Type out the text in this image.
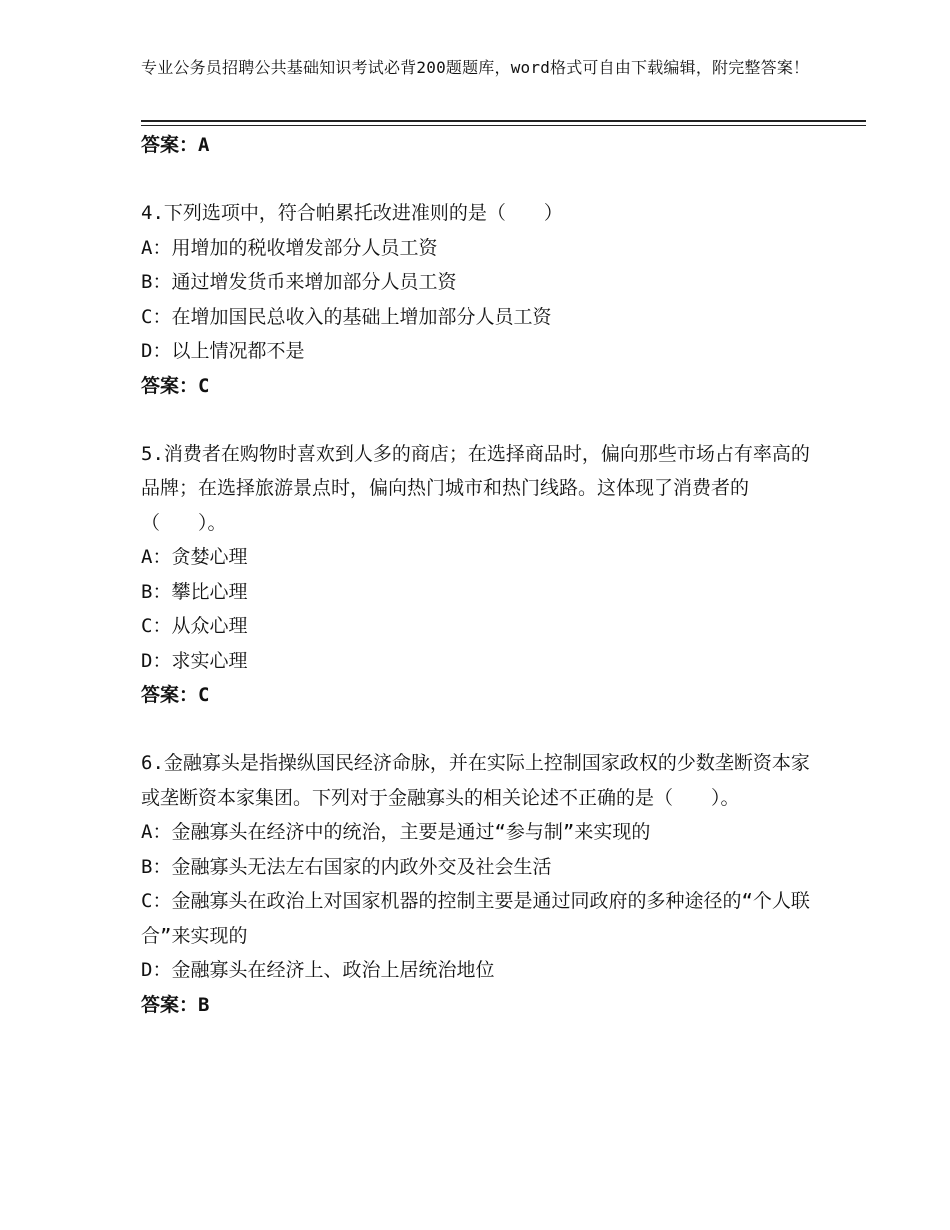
专业公务员招聘公共基础知识考试必背200题题库，word格式可自由下载编辑，附完整答案！
答案：A
4.下列选项中，符合帕累托改进准则的是（　　）
A：用增加的税收增发部分人员工资
B：通过增发货币来增加部分人员工资
C：在增加国民总收入的基础上增加部分人员工资
D：以上情况都不是
答案：C
5.消费者在购物时喜欢到人多的商店；在选择商品时，偏向那些市场占有率高的品牌；在选择旅游景点时，偏向热门城市和热门线路。这体现了消费者的（　　）。
A：贪婪心理
B：攀比心理
C：从众心理
D：求实心理
答案：C
6.金融寡头是指操纵国民经济命脉，并在实际上控制国家政权的少数垄断资本家或垄断资本家集团。下列对于金融寡头的相关论述不正确的是（　　）。
A：金融寡头在经济中的统治，主要是通过“参与制”来实现的
B：金融寡头无法左右国家的内政外交及社会生活
C：金融寡头在政治上对国家机器的控制主要是通过同政府的多种途径的“个人联合”来实现的
D：金融寡头在经济上、政治上居统治地位
答案：B
